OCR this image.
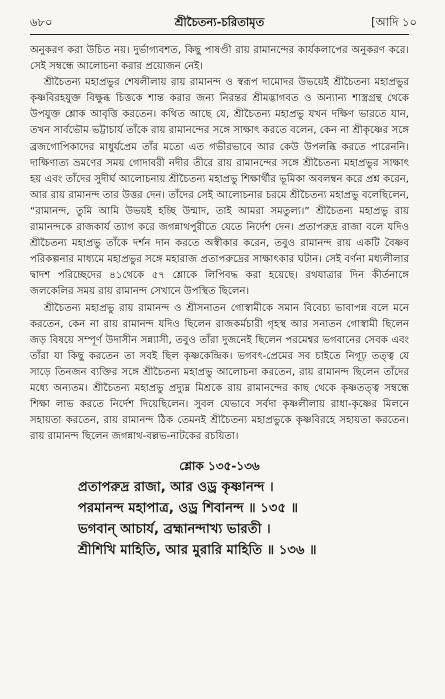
৬৮০	শ্রীচৈতন্য-চরিতামৃত	[আদি ১০

অনুকরণ করা উচিত নয়। দুর্ভাগ্যবশত, কিছু পাষণ্ডী রায় রামানন্দের কার্যকলাপের অনুকরণ করে। সেই সম্বন্ধে আলোচনা করার প্রয়োজন নেই।

শ্রীচৈতন্য মহাপ্রভুর শেষলীলায় রায় রামানন্দ ও স্বরূপ দামোদর উভয়েই শ্রীচৈতন্য মহাপ্রভুর কৃষ্ণবিরহযুক্ত বিক্ষুব্ধ চিত্তকে শান্ত করার জন্য নিরন্তর শ্রীমদ্ভাগবত ও অন্যান্য শাস্ত্রগ্রন্থ থেকে উপযুক্ত শ্লোক আবৃত্তি করতেন। কথিত আছে যে, শ্রীচৈতন্য মহাপ্রভু যখন দক্ষিণ ভারতে যান, তখন সার্বভৌম ভট্টাচার্য তাঁকে রায় রামানন্দের সঙ্গে সাক্ষাৎ করতে বলেন, কেন না শ্রীকৃষ্ণের সঙ্গে ব্রজগোপিকাদের মাধুর্যপ্রেম তাঁর মতো এত গভীরভাবে আর কেউ উপলব্ধি করতে পারেননি। দাক্ষিণাত্য ভ্রমণের সময় গোদাবরী নদীর তীরে রায় রামানন্দের সঙ্গে শ্রীচৈতন্য মহাপ্রভুর সাক্ষাৎ হয় এবং তাঁদের সুদীর্ঘ আলোচনায় শ্রীচৈতন্য মহাপ্রভু শিক্ষার্থীর ভূমিকা অবলম্বন করে প্রশ্ন করেন, আর রায় রামানন্দ তার উত্তর দেন। তাঁদের সেই আলোচনার চরমে শ্রীচৈতন্য মহাপ্রভু বলেছিলেন, “রামানন্দ, তুমি আমি উভয়ই হচ্ছি উন্মাদ, তাই আমরা সমতুল্য।” শ্রীচৈতন্য মহাপ্রভু রায় রামানন্দকে রাজকার্য ত্যাগ করে জগন্নাথপুরীতে যেতে নির্দেশ দেন। প্রতাপরুদ্র রাজা বলে যদিও শ্রীচৈতন্য মহাপ্রভু তাঁকে দর্শন দান করতে অস্বীকার করেন, তবুও রামানন্দ রায় একটি বৈষ্ণব পরিকল্পনার মাধ্যমে মহাপ্রভুর সঙ্গে মহারাজ প্রতাপরুদ্রের সাক্ষাৎকার ঘটান। সেই বর্ণনা মধ্যলীলার দ্বাদশ পরিচ্ছেদের ৪১থেকে ৫৭ শ্লোকে লিপিবদ্ধ করা হয়েছে। রথযাত্রার দিন কীর্তনাঙ্গে জলকেলির সময় রায় রামানন্দ সেখানে উপস্থিত ছিলেন।

শ্রীচৈতন্য মহাপ্রভু রায় রামানন্দ ও শ্রীসনাতন গোস্বামীকে সমান বিবেচ্য ভাবাপন্ন বলে মনে করতেন, কেন না রায় রামানন্দ যদিও ছিলেন রাজকর্মচারী গৃহস্থ আর সনাতন গোস্বামী ছিলেন জড় বিষয়ে সম্পূর্ণ উদাসীন সন্ন্যাসী, তবুও তাঁরা দুজনেই ছিলেন পরমেশ্বর ভগবানের সেবক এবং তাঁরা যা কিছু করতেন তা সবই ছিল কৃষ্ণকেন্দ্রিক। ভগবৎ-প্রেমের সব চাইতে নিগূঢ় তত্ত্ব যে সাড়ে তিনজন ব্যক্তির সঙ্গে শ্রীচৈতন্য মহাপ্রভু আলোচনা করতেন, রায় রামানন্দ ছিলেন তাঁদের মধ্যে অন্যতম। শ্রীচৈতন্য মহাপ্রভু প্রদ্যুম্ন মিশ্রকে রায় রামানন্দের কাছ থেকে কৃষ্ণতত্ত্ব সম্বন্ধে শিক্ষা লাভ করতে নির্দেশ দিয়েছিলেন। সুবল যেভাবে সর্বদা কৃষ্ণলীলায় রাধা-কৃষ্ণের মিলনে সহায়তা করতেন, রায় রামানন্দ ঠিক তেমনই শ্রীচৈতন্য মহাপ্রভুকে কৃষ্ণবিরহে সহায়তা করতেন। রায় রামানন্দ ছিলেন জগন্নাথ-বল্লভ-নাটকের রচয়িতা।

শ্লোক ১৩৫-১৩৬
প্রতাপরুদ্র রাজা, আর ওড্র কৃষ্ণানন্দ ।
পরমানন্দ মহাপাত্র, ওড্র শিবানন্দ ॥ ১৩৫ ॥
ভগবান্ আচার্য, ব্রহ্মানন্দাখ্য ভারতী ।
শ্রীশিখি মাহিতি, আর মুরারি মাহিতি ॥ ১৩৬ ॥
